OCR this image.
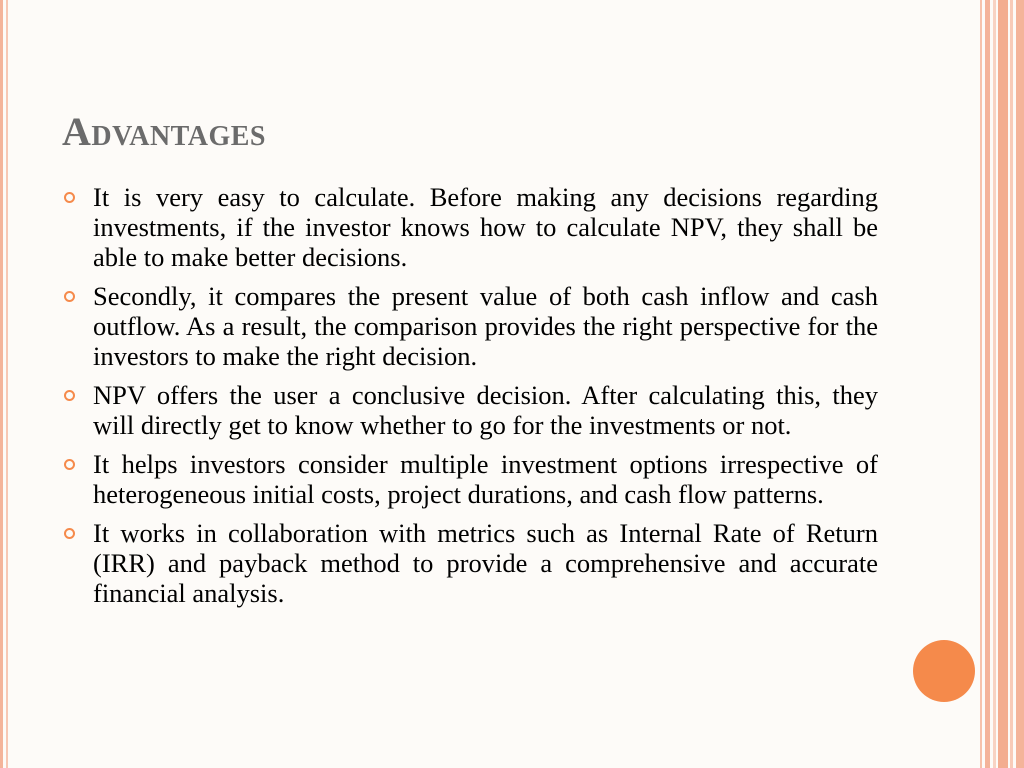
Advantages
It is very easy to calculate. Before making any decisions regarding investments, if the investor knows how to calculate NPV, they shall be able to make better decisions.
Secondly, it compares the present value of both cash inflow and cash outflow. As a result, the comparison provides the right perspective for the investors to make the right decision.
NPV offers the user a conclusive decision. After calculating this, they will directly get to know whether to go for the investments or not.
It helps investors consider multiple investment options irrespective of heterogeneous initial costs, project durations, and cash flow patterns.
It works in collaboration with metrics such as Internal Rate of Return (IRR) and payback method to provide a comprehensive and accurate financial analysis.
